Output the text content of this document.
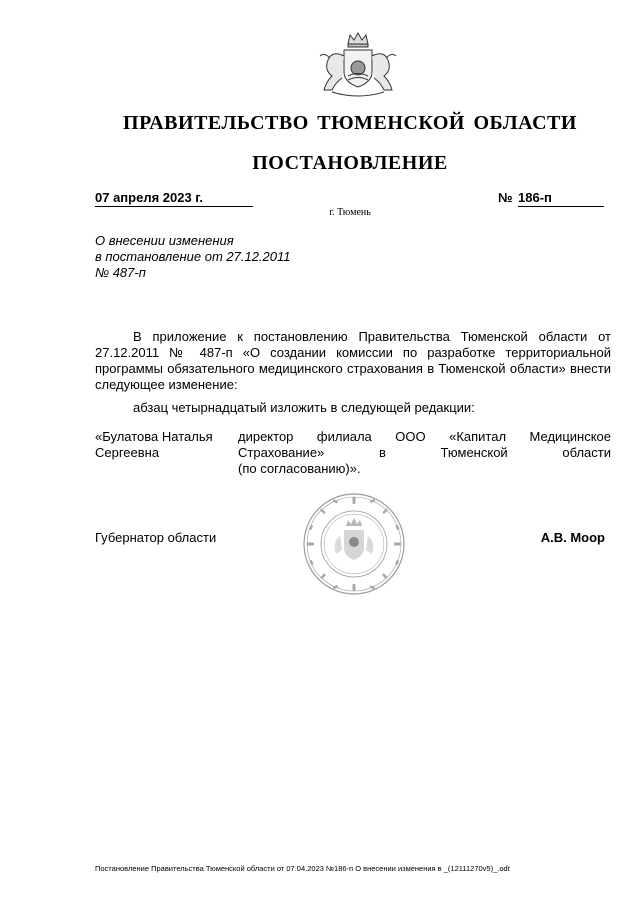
ПРАВИТЕЛЬСТВО ТЮМЕНСКОЙ ОБЛАСТИ
ПОСТАНОВЛЕНИЕ
07 апреля 2023 г.	№ 186-п
г. Тюмень
О внесении изменения
в постановление от 27.12.2011
№ 487-п
В приложение к постановлению Правительства Тюменской области от 27.12.2011 № 487-п «О создании комиссии по разработке территориальной программы обязательного медицинского страхования в Тюменской области» внести следующее изменение:
абзац четырнадцатый изложить в следующей редакции:
«Булатова Наталья Сергеевна
директор филиала ООО «Капитал Медицинское
Страхование» в Тюменской области
(по согласованию)».
Губернатор области	А.В. Моор
Постановление Правительства Тюменской области от 07.04.2023 №186-п О внесении изменения в _(12111270v5)_.odt
